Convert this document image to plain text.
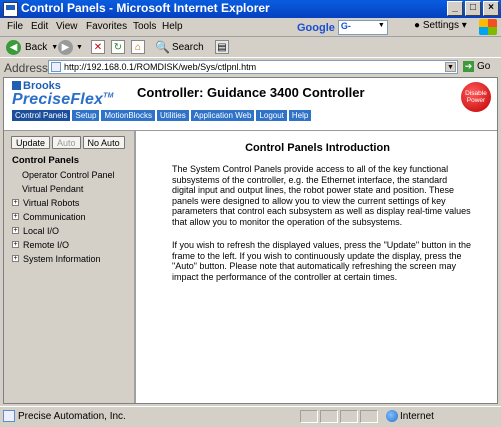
Control Panels - Microsoft Internet Explorer	_	□	×
File Edit View Favorites Tools Help	Google G-	▼	● Settings ▾
◀ Back ▼ ▶ ▼ ✕ ↻	⌂	🔍 Search ▤
Address http://192.168.0.1/ROMDISK/web/Sys/ctlpnl.htm	▼ ➔ Go
Brooks
PreciseFlex™ Controller: Guidance 3400 Controller	Disable Power
Control Panels	Setup	MotionBlocks	Utilities	Application Web	Logout	Help
Update	Auto	No Auto
Control Panels
Operator Control Panel
Virtual Pendant
+ Virtual Robots
+ Communication
+ Local I/O
+ Remote I/O
+ System Information
Control Panels Introduction
The System Control Panels provide access to all of the key functional subsystems of the controller, e.g. the Ethernet interface, the standard digital input and output lines, the robot power state and position. These panels were designed to allow you to view the current settings of key parameters that control each subsystem as well as display real-time values that allow you to monitor the operation of the subsystems.
If you wish to refresh the displayed values, press the "Update" button in the frame to the left. If you wish to continuously update the display, press the "Auto" button. Please note that automatically refreshing the screen may impact the performance of the controller at certain times.
Precise Automation, Inc.	Internet
